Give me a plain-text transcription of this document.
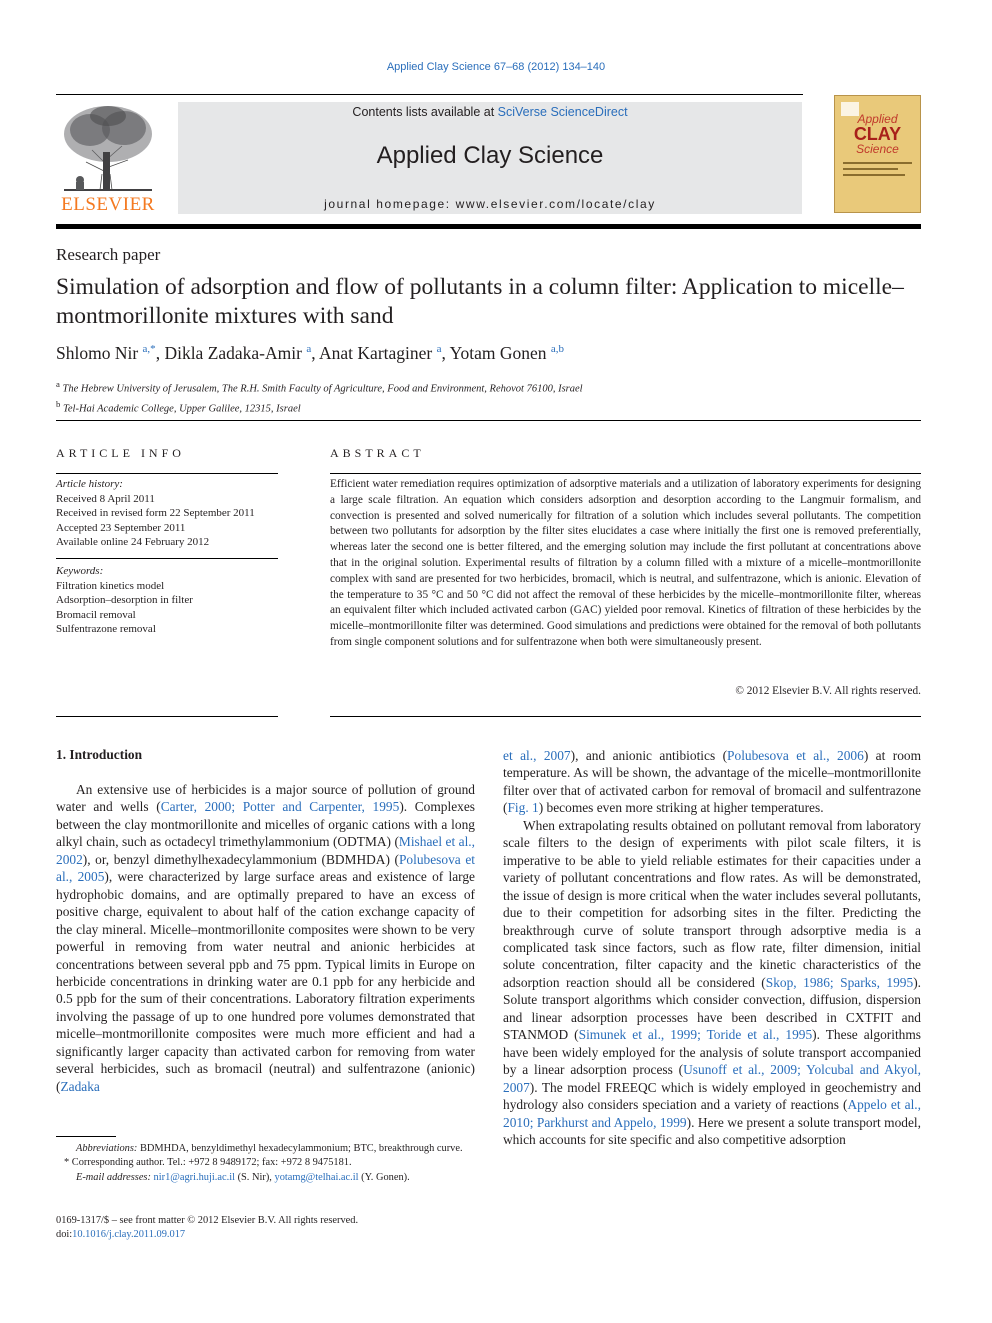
Applied Clay Science 67–68 (2012) 134–140
ELSEVIER
Contents lists available at SciVerse ScienceDirect
Applied Clay Science
journal homepage: www.elsevier.com/locate/clay
Applied
CLAY
Science
Research paper
Simulation of adsorption and flow of pollutants in a column filter: Application to micelle–montmorillonite mixtures with sand
Shlomo Nir $^{a,*}$, Dikla Zadaka-Amir $^a$, Anat Kartaginer $^a$, Yotam Gonen $^{a,b}$
$^a$ The Hebrew University of Jerusalem, The R.H. Smith Faculty of Agriculture, Food and Environment, Rehovot 76100, Israel
$^b$ Tel-Hai Academic College, Upper Galilee, 12315, Israel
ARTICLE INFO	ABSTRACT
Article history:
Received 8 April 2011
Received in revised form 22 September 2011
Accepted 23 September 2011
Available online 24 February 2012
Keywords:
Filtration kinetics model
Adsorption–desorption in filter
Bromacil removal
Sulfentrazone removal
Efficient water remediation requires optimization of adsorptive materials and a utilization of laboratory experiments for designing a large scale filtration. An equation which considers adsorption and desorption according to the Langmuir formalism, and convection is presented and solved numerically for filtration of a solution which includes several pollutants. The competition between two pollutants for adsorption by the filter sites elucidates a case where initially the first one is removed preferentially, whereas later the second one is better filtered, and the emerging solution may include the first pollutant at concentrations above that in the original solution. Experimental results of filtration by a column filled with a mixture of a micelle–montmorillonite complex with sand are presented for two herbicides, bromacil, which is neutral, and sulfentrazone, which is anionic. Elevation of the temperature to 35 °C and 50 °C did not affect the removal of these herbicides by the micelle–montmorillonite filter, whereas an equivalent filter which included activated carbon (GAC) yielded poor removal. Kinetics of filtration of these herbicides by the micelle–montmorillonite filter was determined. Good simulations and predictions were obtained for the removal of both pollutants from single component solutions and for sulfentrazone when both were simultaneously present.
© 2012 Elsevier B.V. All rights reserved.
1. Introduction

An extensive use of herbicides is a major source of pollution of ground water and wells (Carter, 2000; Potter and Carpenter, 1995). Complexes between the clay montmorillonite and micelles of organic cations with a long alkyl chain, such as octadecyl trimethylammonium (ODTMA) (Mishael et al., 2002), or, benzyl dimethylhexadecylammonium (BDMHDA) (Polubesova et al., 2005), were characterized by large surface areas and existence of large hydrophobic domains, and are optimally prepared to have an excess of positive charge, equivalent to about half of the cation exchange capacity of the clay mineral. Micelle–montmorillonite composites were shown to be very powerful in removing from water neutral and anionic herbicides at concentrations between several ppb and 75 ppm. Typical limits in Europe on herbicide concentrations in drinking water are 0.1 ppb for any herbicide and 0.5 ppb for the sum of their concentrations. Laboratory filtration experiments involving the passage of up to one hundred pore volumes demonstrated that micelle–montmorillonite composites were much more efficient and had a significantly larger capacity than activated carbon for removing from water several herbicides, such as bromacil (neutral) and sulfentrazone (anionic) (Zadaka

et al., 2007), and anionic antibiotics (Polubesova et al., 2006) at room temperature. As will be shown, the advantage of the micelle–montmorillonite filter over that of activated carbon for removal of bromacil and sulfentrazone (Fig. 1) becomes even more striking at higher temperatures.

When extrapolating results obtained on pollutant removal from laboratory scale filters to the design of experiments with pilot scale filters, it is imperative to be able to yield reliable estimates for their capacities under a variety of pollutant concentrations and flow rates. As will be demonstrated, the issue of design is more critical when the water includes several pollutants, due to their competition for adsorbing sites in the filter. Predicting the breakthrough curve of solute transport through adsorptive media is a complicated task since factors, such as flow rate, filter dimension, initial solute concentration, filter capacity and the kinetic characteristics of the adsorption reaction should all be considered (Skop, 1986; Sparks, 1995). Solute transport algorithms which consider convection, diffusion, dispersion and linear adsorption processes have been described in CXTFIT and STANMOD (Simunek et al., 1999; Toride et al., 1995). These algorithms have been widely employed for the analysis of solute transport accompanied by a linear adsorption process (Usunoff et al., 2009; Yolcubal and Akyol, 2007). The model FREEQC which is widely employed in geochemistry and hydrology also considers speciation and a variety of reactions (Appelo et al., 2010; Parkhurst and Appelo, 1999). Here we present a solute transport model, which accounts for site specific and also competitive adsorption

Abbreviations: BDMHDA, benzyldimethyl hexadecylammonium; BTC, breakthrough curve.
* Corresponding author. Tel.: +972 8 9489172; fax: +972 8 9475181.
E-mail addresses: nir1@agri.huji.ac.il (S. Nir), yotamg@telhai.ac.il (Y. Gonen).
0169-1317/$ – see front matter © 2012 Elsevier B.V. All rights reserved.
doi:10.1016/j.clay.2011.09.017
